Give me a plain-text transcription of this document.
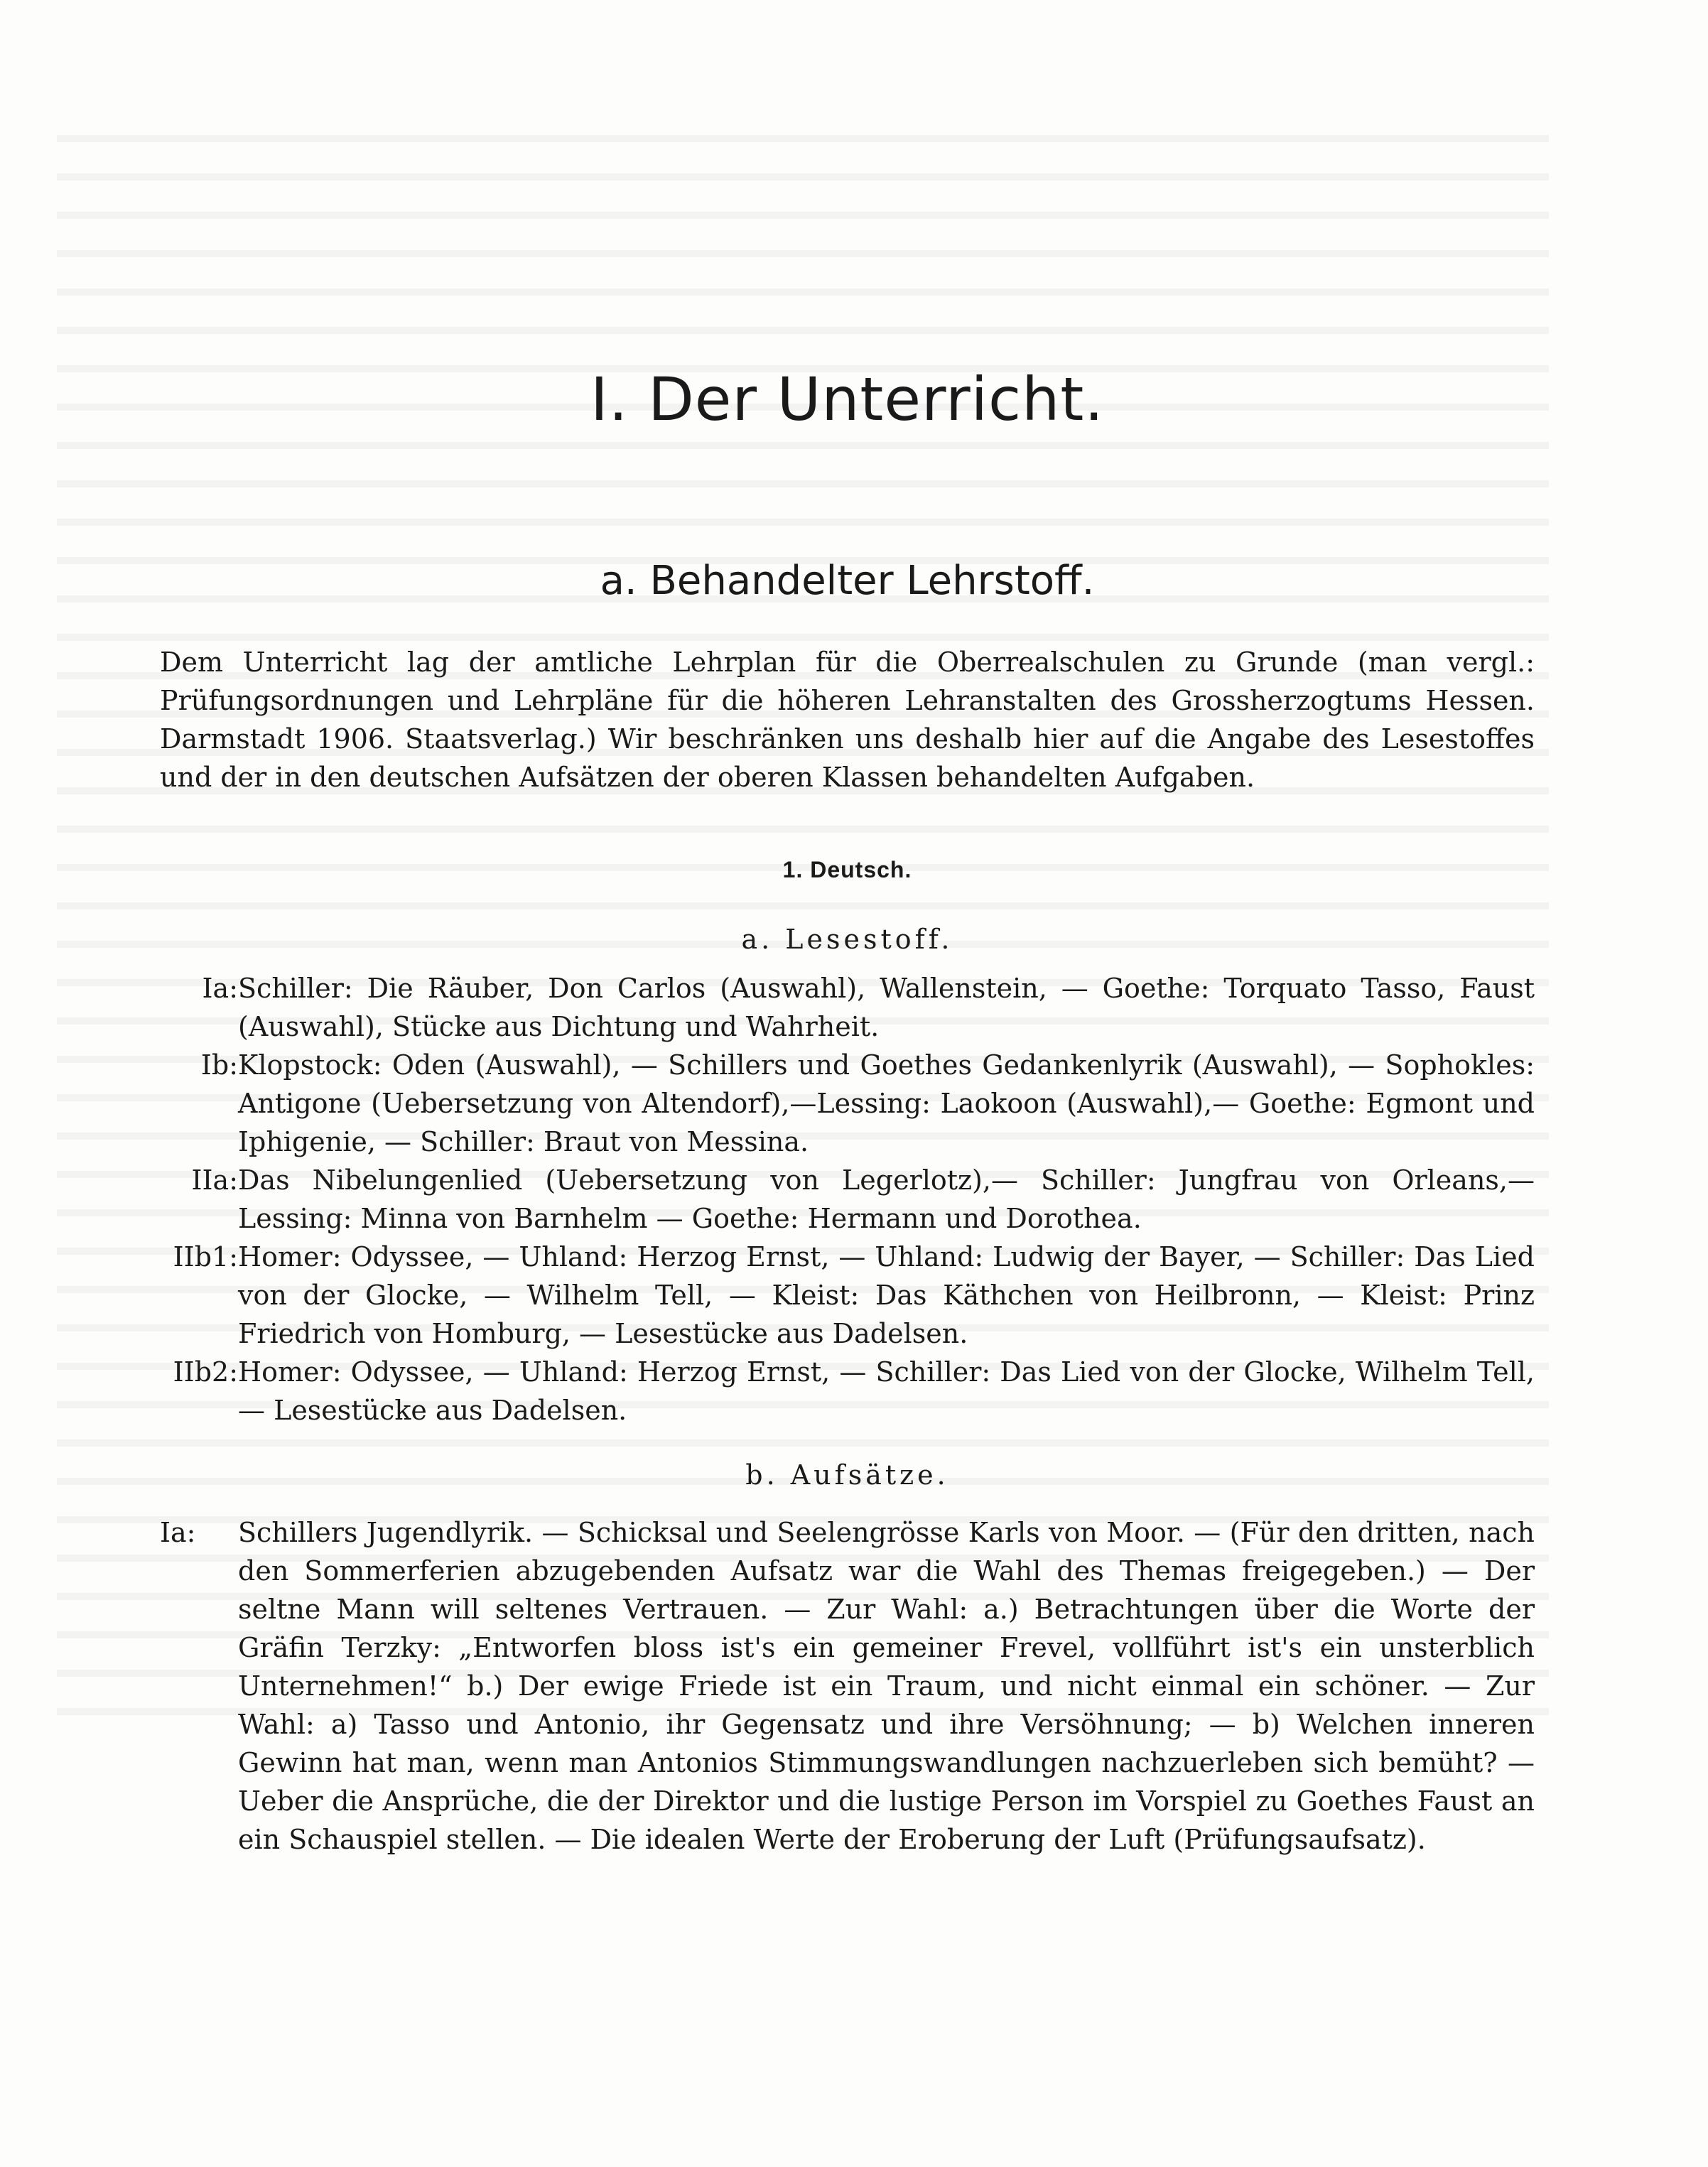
I. Der Unterricht.
a. Behandelter Lehrstoff.

Dem Unterricht lag der amtliche Lehrplan für die Oberrealschulen zu Grunde (man vergl.: Prüfungsordnungen und Lehrpläne für die höheren Lehranstalten des Grossherzogtums Hessen. Darmstadt 1906. Staatsverlag.) Wir beschränken uns deshalb hier auf die Angabe des Lesestoffes und der in den deutschen Aufsätzen der oberen Klassen behandelten Aufgaben.

1. Deutsch.
a. Lesestoff.
Ia: Schiller: Die Räuber, Don Carlos (Auswahl), Wallenstein, — Goethe: Torquato Tasso, Faust (Auswahl), Stücke aus Dichtung und Wahrheit.
Ib: Klopstock: Oden (Auswahl), — Schillers und Goethes Gedankenlyrik (Auswahl), — Sophokles: Antigone (Uebersetzung von Altendorf),—Lessing: Laokoon (Auswahl),— Goethe: Egmont und Iphigenie, — Schiller: Braut von Messina.
IIa: Das Nibelungenlied (Uebersetzung von Legerlotz),— Schiller: Jungfrau von Orleans,— Lessing: Minna von Barnhelm — Goethe: Hermann und Dorothea.
IIb1: Homer: Odyssee, — Uhland: Herzog Ernst, — Uhland: Ludwig der Bayer, — Schiller: Das Lied von der Glocke, — Wilhelm Tell, — Kleist: Das Käthchen von Heilbronn, — Kleist: Prinz Friedrich von Homburg, — Lesestücke aus Dadelsen.
IIb2: Homer: Odyssee, — Uhland: Herzog Ernst, — Schiller: Das Lied von der Glocke, Wilhelm Tell, — Lesestücke aus Dadelsen.
b. Aufsätze.
Ia:	Schillers Jugendlyrik. — Schicksal und Seelengrösse Karls von Moor. — (Für den dritten, nach den Sommerferien abzugebenden Aufsatz war die Wahl des Themas freigegeben.) — Der seltne Mann will seltenes Vertrauen. — Zur Wahl: a.) Betrachtungen über die Worte der Gräfin Terzky: „Entworfen bloss ist's ein gemeiner Frevel, vollführt ist's ein unsterblich Unternehmen!“ b.) Der ewige Friede ist ein Traum, und nicht einmal ein schöner. — Zur Wahl: a) Tasso und Antonio, ihr Gegensatz und ihre Versöhnung; — b) Welchen inneren Gewinn hat man, wenn man Antonios Stimmungswandlungen nachzuerleben sich bemüht? — Ueber die Ansprüche, die der Direktor und die lustige Person im Vorspiel zu Goethes Faust an ein Schauspiel stellen. — Die idealen Werte der Eroberung der Luft (Prüfungsaufsatz).
